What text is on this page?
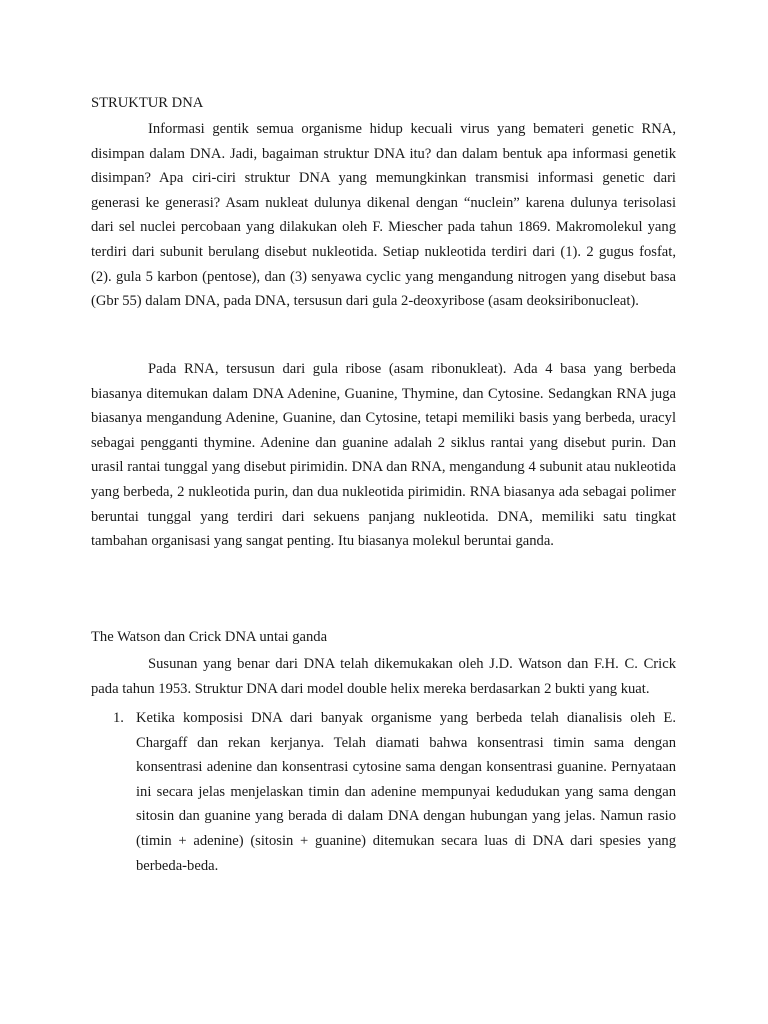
STRUKTUR DNA

Informasi gentik semua organisme hidup kecuali virus yang bemateri genetic RNA, disimpan dalam DNA. Jadi, bagaiman struktur DNA itu? dan dalam bentuk apa informasi genetik disimpan? Apa ciri-ciri struktur DNA yang memungkinkan transmisi informasi genetic dari generasi ke generasi? Asam nukleat dulunya dikenal dengan “nuclein” karena dulunya terisolasi dari sel nuclei percobaan yang dilakukan oleh F. Miescher pada tahun 1869. Makromolekul yang terdiri dari subunit berulang disebut nukleotida. Setiap nukleotida terdiri dari (1). 2 gugus fosfat, (2). gula 5 karbon (pentose), dan (3) senyawa cyclic yang mengandung nitrogen yang disebut basa (Gbr 55) dalam DNA, pada DNA, tersusun dari gula 2-deoxyribose (asam deoksiribonucleat).

Pada RNA, tersusun dari gula ribose (asam ribonukleat). Ada 4 basa yang berbeda biasanya ditemukan dalam DNA Adenine, Guanine, Thymine, dan Cytosine. Sedangkan RNA juga biasanya mengandung Adenine, Guanine, dan Cytosine, tetapi memiliki basis yang berbeda, uracyl sebagai pengganti thymine. Adenine dan guanine adalah 2 siklus rantai yang disebut purin. Dan urasil rantai tunggal yang disebut pirimidin. DNA dan RNA, mengandung 4 subunit atau nukleotida yang berbeda, 2 nukleotida purin, dan dua nukleotida pirimidin. RNA biasanya ada sebagai polimer beruntai tunggal yang terdiri dari sekuens panjang nukleotida. DNA, memiliki satu tingkat tambahan organisasi yang sangat penting. Itu biasanya molekul beruntai ganda.

The Watson dan Crick DNA untai ganda

Susunan yang benar dari DNA telah dikemukakan oleh J.D. Watson dan F.H. C. Crick pada tahun 1953. Struktur DNA dari model double helix mereka berdasarkan 2 bukti yang kuat.

1. Ketika komposisi DNA dari banyak organisme yang berbeda telah dianalisis oleh E. Chargaff dan rekan kerjanya. Telah diamati bahwa konsentrasi timin sama dengan konsentrasi adenine dan konsentrasi cytosine sama dengan konsentrasi guanine. Pernyataan ini secara jelas menjelaskan timin dan adenine mempunyai kedudukan yang sama dengan sitosin dan guanine yang berada di dalam DNA dengan hubungan yang jelas. Namun rasio (timin + adenine) (sitosin + guanine) ditemukan secara luas di DNA dari spesies yang berbeda-beda.
